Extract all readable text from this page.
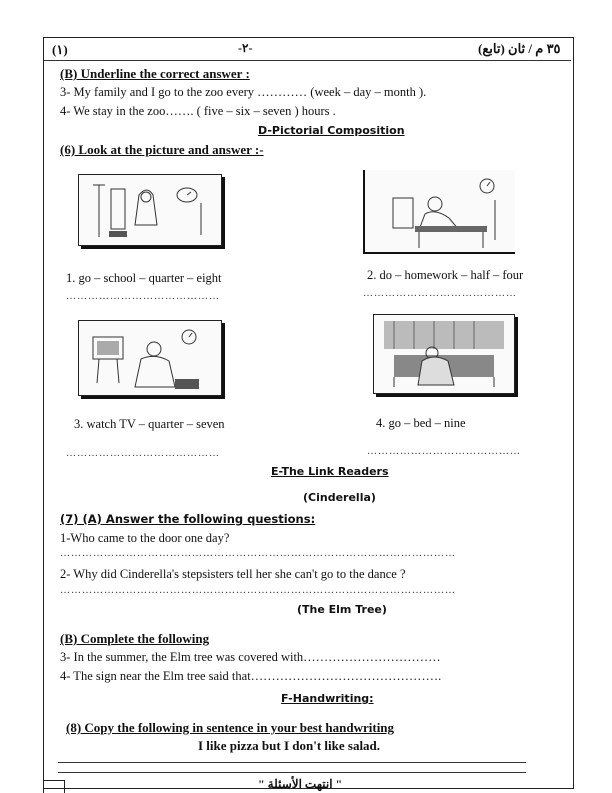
(١)	-٢-	٣٥ م / ثان (تابع)
(B) Underline the correct answer :
3- My family and I go to the zoo every ………… (week – day – month ).
4- We stay in the zoo……. ( five – six – seven ) hours .
D-Pictorial Composition
(6) Look at the picture and answer :-
1. go – school – quarter – eight
……………………………………
2. do – homework – half – four
……………………………………
3. watch TV – quarter – seven
……………………………………
4. go – bed – nine
……………………………………
E-The Link Readers
(Cinderella)
(7) (A) Answer the following questions:
1-Who came to the door one day?
………………………………………………………………………………………………
2- Why did Cinderella's stepsisters tell her she can't go to the dance ?
………………………………………………………………………………………………
(The Elm Tree)
(B) Complete the following
3- In the summer, the Elm tree was covered with……………………………
4- The sign near the Elm tree said that……………………………………….
F-Handwriting:
(8) Copy the following in sentence in your best handwriting
I like pizza but I don't like salad.
" انتهت الأسئلة "
